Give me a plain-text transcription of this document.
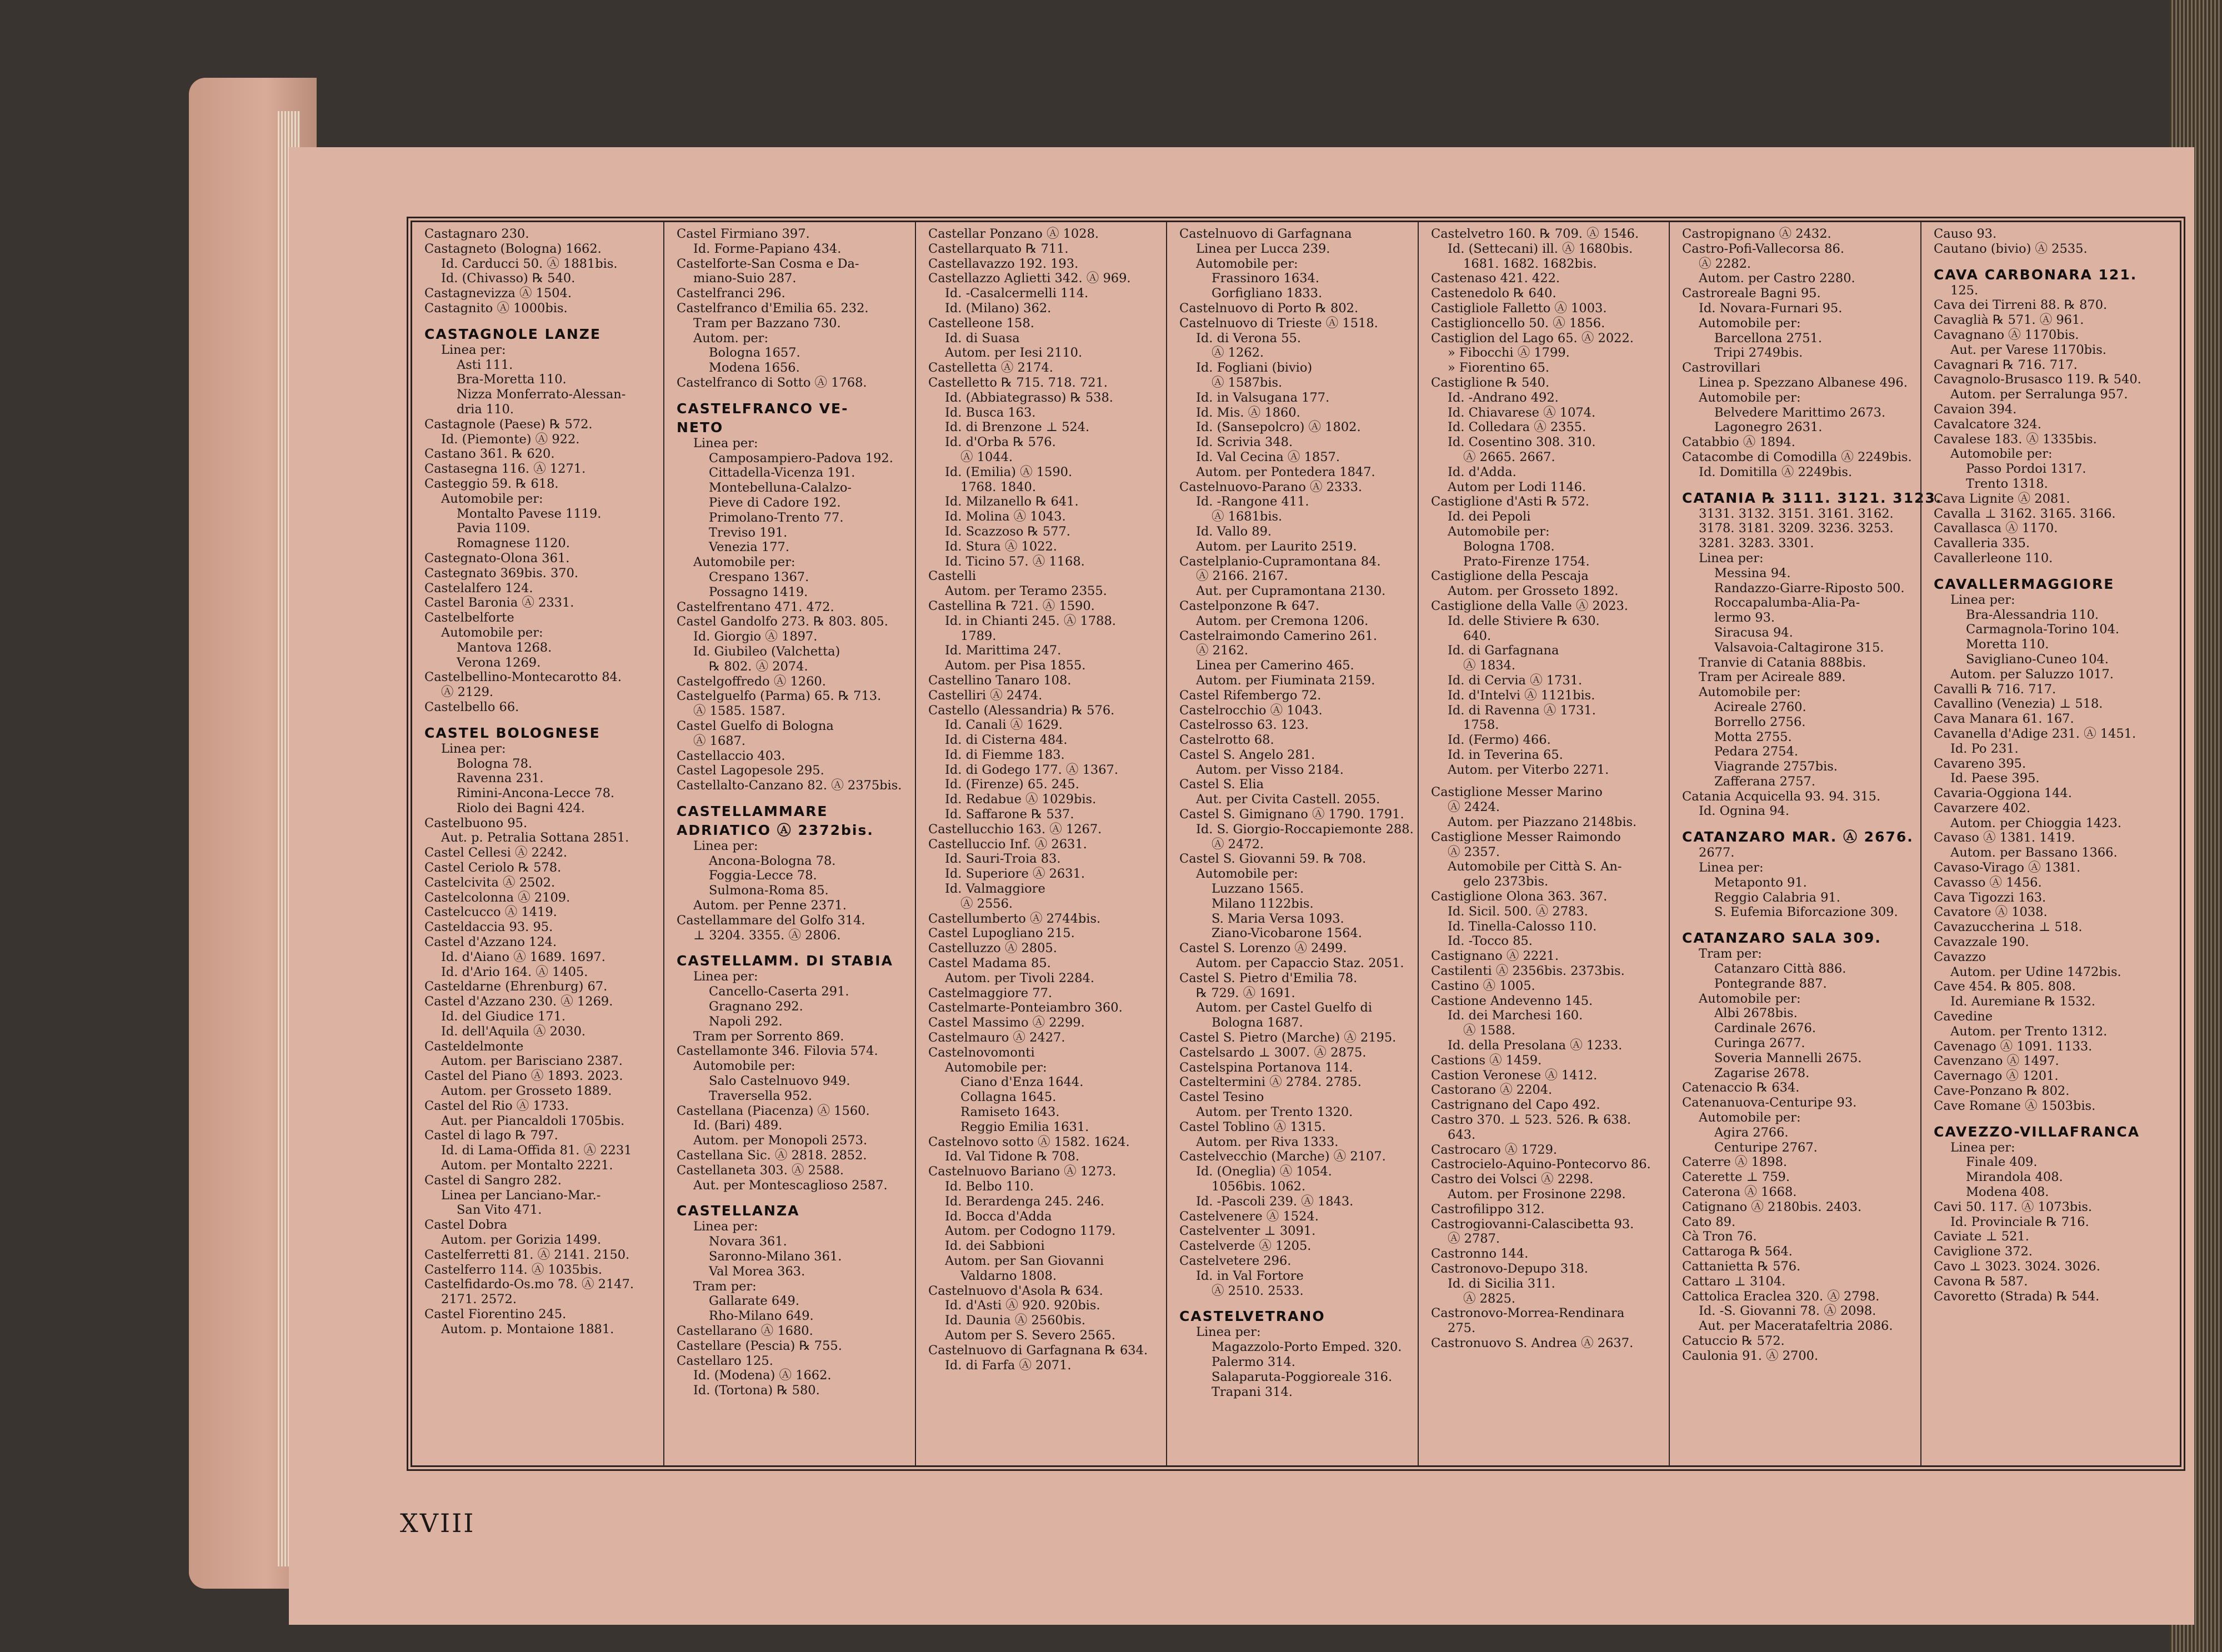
Castagnaro 230.
Castagneto (Bologna) 1662.
Id. Carducci 50. Ⓐ 1881bis.
Id. (Chivasso) ℞ 540.
Castagnevizza Ⓐ 1504.
Castagnito Ⓐ 1000bis.
CASTAGNOLE LANZE
Linea per:
Asti 111.
Bra-Moretta 110.
Nizza Monferrato-Alessan-
dria 110.
Castagnole (Paese) ℞ 572.
Id. (Piemonte) Ⓐ 922.
Castano 361. ℞ 620.
Castasegna 116. Ⓐ 1271.
Casteggio 59. ℞ 618.
Automobile per:
Montalto Pavese 1119.
Pavia 1109.
Romagnese 1120.
Castegnato-Olona 361.
Castegnato 369bis. 370.
Castelalfero 124.
Castel Baronia Ⓐ 2331.
Castelbelforte
Automobile per:
Mantova 1268.
Verona 1269.
Castelbellino-Montecarotto 84.
Ⓐ 2129.
Castelbello 66.
CASTEL BOLOGNESE
Linea per:
Bologna 78.
Ravenna 231.
Rimini-Ancona-Lecce 78.
Riolo dei Bagni 424.
Castelbuono 95.
Aut. p. Petralia Sottana 2851.
Castel Cellesi Ⓐ 2242.
Castel Ceriolo ℞ 578.
Castelcivita Ⓐ 2502.
Castelcolonna Ⓐ 2109.
Castelcucco Ⓐ 1419.
Casteldaccia 93. 95.
Castel d'Azzano 124.
Id. d'Aiano Ⓐ 1689. 1697.
Id. d'Ario 164. Ⓐ 1405.
Casteldarne (Ehrenburg) 67.
Castel d'Azzano 230. Ⓐ 1269.
Id. del Giudice 171.
Id. dell'Aquila Ⓐ 2030.
Casteldelmonte
Autom. per Barisciano 2387.
Castel del Piano Ⓐ 1893. 2023.
Autom. per Grosseto 1889.
Castel del Rio Ⓐ 1733.
Aut. per Piancaldoli 1705bis.
Castel di lago ℞ 797.
Id. di Lama-Offida 81. Ⓐ 2231
Autom. per Montalto 2221.
Castel di Sangro 282.
Linea per Lanciano-Mar.-
San Vito 471.
Castel Dobra
Autom. per Gorizia 1499.
Castelferretti 81. Ⓐ 2141. 2150.
Castelferro 114. Ⓐ 1035bis.
Castelfidardo-Os.mo 78. Ⓐ 2147.
2171. 2572.
Castel Fiorentino 245.
Autom. p. Montaione 1881.
Castel Firmiano 397.
Id. Forme-Papiano 434.
Castelforte-San Cosma e Da-
miano-Suio 287.
Castelfranci 296.
Castelfranco d'Emilia 65. 232.
Tram per Bazzano 730.
Autom. per:
Bologna 1657.
Modena 1656.
Castelfranco di Sotto Ⓐ 1768.
CASTELFRANCO VE-
NETO
Linea per:
Camposampiero-Padova 192.
Cittadella-Vicenza 191.
Montebelluna-Calalzo-
Pieve di Cadore 192.
Primolano-Trento 77.
Treviso 191.
Venezia 177.
Automobile per:
Crespano 1367.
Possagno 1419.
Castelfrentano 471. 472.
Castel Gandolfo 273. ℞ 803. 805.
Id. Giorgio Ⓐ 1897.
Id. Giubileo (Valchetta)
℞ 802. Ⓐ 2074.
Castelgoffredo Ⓐ 1260.
Castelguelfo (Parma) 65. ℞ 713.
Ⓐ 1585. 1587.
Castel Guelfo di Bologna
Ⓐ 1687.
Castellaccio 403.
Castel Lagopesole 295.
Castellalto-Canzano 82. Ⓐ 2375bis.
CASTELLAMMARE
ADRIATICO Ⓐ 2372bis.
Linea per:
Ancona-Bologna 78.
Foggia-Lecce 78.
Sulmona-Roma 85.
Autom. per Penne 2371.
Castellammare del Golfo 314.
⊥ 3204. 3355. Ⓐ 2806.
CASTELLAMM. DI STABIA
Linea per:
Cancello-Caserta 291.
Gragnano 292.
Napoli 292.
Tram per Sorrento 869.
Castellamonte 346. Filovia 574.
Automobile per:
Salo Castelnuovo 949.
Traversella 952.
Castellana (Piacenza) Ⓐ 1560.
Id. (Bari) 489.
Autom. per Monopoli 2573.
Castellana Sic. Ⓐ 2818. 2852.
Castellaneta 303. Ⓐ 2588.
Aut. per Montescaglioso 2587.
CASTELLANZA
Linea per:
Novara 361.
Saronno-Milano 361.
Val Morea 363.
Tram per:
Gallarate 649.
Rho-Milano 649.
Castellarano Ⓐ 1680.
Castellare (Pescia) ℞ 755.
Castellaro 125.
Id. (Modena) Ⓐ 1662.
Id. (Tortona) ℞ 580.
Castellar Ponzano Ⓐ 1028.
Castellarquato ℞ 711.
Castellavazzo 192. 193.
Castellazzo Aglietti 342. Ⓐ 969.
Id. -Casalcermelli 114.
Id. (Milano) 362.
Castelleone 158.
Id. di Suasa
Autom. per Iesi 2110.
Castelletta Ⓐ 2174.
Castelletto ℞ 715. 718. 721.
Id. (Abbiategrasso) ℞ 538.
Id. Busca 163.
Id. di Brenzone ⊥ 524.
Id. d'Orba ℞ 576.
Ⓐ 1044.
Id. (Emilia) Ⓐ 1590.
1768. 1840.
Id. Milzanello ℞ 641.
Id. Molina Ⓐ 1043.
Id. Scazzoso ℞ 577.
Id. Stura Ⓐ 1022.
Id. Ticino 57. Ⓐ 1168.
Castelli
Autom. per Teramo 2355.
Castellina ℞ 721. Ⓐ 1590.
Id. in Chianti 245. Ⓐ 1788.
1789.
Id. Marittima 247.
Autom. per Pisa 1855.
Castellino Tanaro 108.
Castelliri Ⓐ 2474.
Castello (Alessandria) ℞ 576.
Id. Canali Ⓐ 1629.
Id. di Cisterna 484.
Id. di Fiemme 183.
Id. di Godego 177. Ⓐ 1367.
Id. (Firenze) 65. 245.
Id. Redabue Ⓐ 1029bis.
Id. Saffarone ℞ 537.
Castellucchio 163. Ⓐ 1267.
Castelluccio Inf. Ⓐ 2631.
Id. Sauri-Troia 83.
Id. Superiore Ⓐ 2631.
Id. Valmaggiore
Ⓐ 2556.
Castellumberto Ⓐ 2744bis.
Castel Lupogliano 215.
Castelluzzo Ⓐ 2805.
Castel Madama 85.
Autom. per Tivoli 2284.
Castelmaggiore 77.
Castelmarte-Ponteiambro 360.
Castel Massimo Ⓐ 2299.
Castelmauro Ⓐ 2427.
Castelnovomonti
Automobile per:
Ciano d'Enza 1644.
Collagna 1645.
Ramiseto 1643.
Reggio Emilia 1631.
Castelnovo sotto Ⓐ 1582. 1624.
Id. Val Tidone ℞ 708.
Castelnuovo Bariano Ⓐ 1273.
Id. Belbo 110.
Id. Berardenga 245. 246.
Id. Bocca d'Adda
Autom. per Codogno 1179.
Id. dei Sabbioni
Autom. per San Giovanni
Valdarno 1808.
Castelnuovo d'Asola ℞ 634.
Id. d'Asti Ⓐ 920. 920bis.
Id. Daunia Ⓐ 2560bis.
Autom per S. Severo 2565.
Castelnuovo di Garfagnana ℞ 634.
Id. di Farfa Ⓐ 2071.
Castelnuovo di Garfagnana
Linea per Lucca 239.
Automobile per:
Frassinoro 1634.
Gorfigliano 1833.
Castelnuovo di Porto ℞ 802.
Castelnuovo di Trieste Ⓐ 1518.
Id. di Verona 55.
Ⓐ 1262.
Id. Fogliani (bivio)
Ⓐ 1587bis.
Id. in Valsugana 177.
Id. Mis. Ⓐ 1860.
Id. (Sansepolcro) Ⓐ 1802.
Id. Scrivia 348.
Id. Val Cecina Ⓐ 1857.
Autom. per Pontedera 1847.
Castelnuovo-Parano Ⓐ 2333.
Id. -Rangone 411.
Ⓐ 1681bis.
Id. Vallo 89.
Autom. per Laurito 2519.
Castelplanio-Cupramontana 84.
Ⓐ 2166. 2167.
Aut. per Cupramontana 2130.
Castelponzone ℞ 647.
Autom. per Cremona 1206.
Castelraimondo Camerino 261.
Ⓐ 2162.
Linea per Camerino 465.
Autom. per Fiuminata 2159.
Castel Rifembergo 72.
Castelrocchio Ⓐ 1043.
Castelrosso 63. 123.
Castelrotto 68.
Castel S. Angelo 281.
Autom. per Visso 2184.
Castel S. Elia
Aut. per Civita Castell. 2055.
Castel S. Gimignano Ⓐ 1790. 1791.
Id. S. Giorgio-Roccapiemonte 288.
Ⓐ 2472.
Castel S. Giovanni 59. ℞ 708.
Automobile per:
Luzzano 1565.
Milano 1122bis.
S. Maria Versa 1093.
Ziano-Vicobarone 1564.
Castel S. Lorenzo Ⓐ 2499.
Autom. per Capaccio Staz. 2051.
Castel S. Pietro d'Emilia 78.
℞ 729. Ⓐ 1691.
Autom. per Castel Guelfo di
Bologna 1687.
Castel S. Pietro (Marche) Ⓐ 2195.
Castelsardo ⊥ 3007. Ⓐ 2875.
Castelspina Portanova 114.
Casteltermini Ⓐ 2784. 2785.
Castel Tesino
Autom. per Trento 1320.
Castel Toblino Ⓐ 1315.
Autom. per Riva 1333.
Castelvecchio (Marche) Ⓐ 2107.
Id. (Oneglia) Ⓐ 1054.
1056bis. 1062.
Id. -Pascoli 239. Ⓐ 1843.
Castelvenere Ⓐ 1524.
Castelventer ⊥ 3091.
Castelverde Ⓐ 1205.
Castelvetere 296.
Id. in Val Fortore
Ⓐ 2510. 2533.
CASTELVETRANO
Linea per:
Magazzolo-Porto Emped. 320.
Palermo 314.
Salaparuta-Poggioreale 316.
Trapani 314.
Castelvetro 160. ℞ 709. Ⓐ 1546.
Id. (Settecani) ill. Ⓐ 1680bis.
1681. 1682. 1682bis.
Castenaso 421. 422.
Castenedolo ℞ 640.
Castigliole Falletto Ⓐ 1003.
Castiglioncello 50. Ⓐ 1856.
Castiglion del Lago 65. Ⓐ 2022.
» Fibocchi Ⓐ 1799.
» Fiorentino 65.
Castiglione ℞ 540.
Id. -Andrano 492.
Id. Chiavarese Ⓐ 1074.
Id. Colledara Ⓐ 2355.
Id. Cosentino 308. 310.
Ⓐ 2665. 2667.
Id. d'Adda.
Autom per Lodi 1146.
Castiglione d'Asti ℞ 572.
Id. dei Pepoli
Automobile per:
Bologna 1708.
Prato-Firenze 1754.
Castiglione della Pescaja
Autom. per Grosseto 1892.
Castiglione della Valle Ⓐ 2023.
Id. delle Stiviere ℞ 630.
640.
Id. di Garfagnana
Ⓐ 1834.
Id. di Cervia Ⓐ 1731.
Id. d'Intelvi Ⓐ 1121bis.
Id. di Ravenna Ⓐ 1731.
1758.
Id. (Fermo) 466.
Id. in Teverina 65.
Autom. per Viterbo 2271.
Castiglione Messer Marino
Ⓐ 2424.
Autom. per Piazzano 2148bis.
Castiglione Messer Raimondo
Ⓐ 2357.
Automobile per Città S. An-
gelo 2373bis.
Castiglione Olona 363. 367.
Id. Sicil. 500. Ⓐ 2783.
Id. Tinella-Calosso 110.
Id. -Tocco 85.
Castignano Ⓐ 2221.
Castilenti Ⓐ 2356bis. 2373bis.
Castino Ⓐ 1005.
Castione Andevenno 145.
Id. dei Marchesi 160.
Ⓐ 1588.
Id. della Presolana Ⓐ 1233.
Castions Ⓐ 1459.
Castion Veronese Ⓐ 1412.
Castorano Ⓐ 2204.
Castrignano del Capo 492.
Castro 370. ⊥ 523. 526. ℞ 638.
643.
Castrocaro Ⓐ 1729.
Castrocielo-Aquino-Pontecorvo 86.
Castro dei Volsci Ⓐ 2298.
Autom. per Frosinone 2298.
Castrofilippo 312.
Castrogiovanni-Calascibetta 93.
Ⓐ 2787.
Castronno 144.
Castronovo-Depupo 318.
Id. di Sicilia 311.
Ⓐ 2825.
Castronovo-Morrea-Rendinara
275.
Castronuovo S. Andrea Ⓐ 2637.
Castropignano Ⓐ 2432.
Castro-Pofi-Vallecorsa 86.
Ⓐ 2282.
Autom. per Castro 2280.
Castroreale Bagni 95.
Id. Novara-Furnari 95.
Automobile per:
Barcellona 2751.
Tripi 2749bis.
Castrovillari
Linea p. Spezzano Albanese 496.
Automobile per:
Belvedere Marittimo 2673.
Lagonegro 2631.
Catabbio Ⓐ 1894.
Catacombe di Comodilla Ⓐ 2249bis.
Id. Domitilla Ⓐ 2249bis.
CATANIA ℞ 3111. 3121. 3123.
3131. 3132. 3151. 3161. 3162.
3178. 3181. 3209. 3236. 3253.
3281. 3283. 3301.
Linea per:
Messina 94.
Randazzo-Giarre-Riposto 500.
Roccapalumba-Alia-Pa-
lermo 93.
Siracusa 94.
Valsavoia-Caltagirone 315.
Tranvie di Catania 888bis.
Tram per Acireale 889.
Automobile per:
Acireale 2760.
Borrello 2756.
Motta 2755.
Pedara 2754.
Viagrande 2757bis.
Zafferana 2757.
Catania Acquicella 93. 94. 315.
Id. Ognina 94.
CATANZARO MAR. Ⓐ 2676.
2677.
Linea per:
Metaponto 91.
Reggio Calabria 91.
S. Eufemia Biforcazione 309.
CATANZARO SALA 309.
Tram per:
Catanzaro Città 886.
Pontegrande 887.
Automobile per:
Albi 2678bis.
Cardinale 2676.
Curinga 2677.
Soveria Mannelli 2675.
Zagarise 2678.
Catenaccio ℞ 634.
Catenanuova-Centuripe 93.
Automobile per:
Agira 2766.
Centuripe 2767.
Caterre Ⓐ 1898.
Caterette ⊥ 759.
Caterona Ⓐ 1668.
Catignano Ⓐ 2180bis. 2403.
Cato 89.
Cà Tron 76.
Cattaroga ℞ 564.
Cattanietta ℞ 576.
Cattaro ⊥ 3104.
Cattolica Eraclea 320. Ⓐ 2798.
Id. -S. Giovanni 78. Ⓐ 2098.
Aut. per Maceratafeltria 2086.
Catuccio ℞ 572.
Caulonia 91. Ⓐ 2700.
Causo 93.
Cautano (bivio) Ⓐ 2535.
CAVA CARBONARA 121.
125.
Cava dei Tirreni 88. ℞ 870.
Cavaglià ℞ 571. Ⓐ 961.
Cavagnano Ⓐ 1170bis.
Aut. per Varese 1170bis.
Cavagnari ℞ 716. 717.
Cavagnolo-Brusasco 119. ℞ 540.
Autom. per Serralunga 957.
Cavaion 394.
Cavalcatore 324.
Cavalese 183. Ⓐ 1335bis.
Automobile per:
Passo Pordoi 1317.
Trento 1318.
Cava Lignite Ⓐ 2081.
Cavalla ⊥ 3162. 3165. 3166.
Cavallasca Ⓐ 1170.
Cavalleria 335.
Cavallerleone 110.
CAVALLERMAGGIORE
Linea per:
Bra-Alessandria 110.
Carmagnola-Torino 104.
Moretta 110.
Savigliano-Cuneo 104.
Autom. per Saluzzo 1017.
Cavalli ℞ 716. 717.
Cavallino (Venezia) ⊥ 518.
Cava Manara 61. 167.
Cavanella d'Adige 231. Ⓐ 1451.
Id. Po 231.
Cavareno 395.
Id. Paese 395.
Cavaria-Oggiona 144.
Cavarzere 402.
Autom. per Chioggia 1423.
Cavaso Ⓐ 1381. 1419.
Autom. per Bassano 1366.
Cavaso-Virago Ⓐ 1381.
Cavasso Ⓐ 1456.
Cava Tigozzi 163.
Cavatore Ⓐ 1038.
Cavazuccherina ⊥ 518.
Cavazzale 190.
Cavazzo
Autom. per Udine 1472bis.
Cave 454. ℞ 805. 808.
Id. Auremiane ℞ 1532.
Cavedine
Autom. per Trento 1312.
Cavenago Ⓐ 1091. 1133.
Cavenzano Ⓐ 1497.
Cavernago Ⓐ 1201.
Cave-Ponzano ℞ 802.
Cave Romane Ⓐ 1503bis.
CAVEZZO-VILLAFRANCA
Linea per:
Finale 409.
Mirandola 408.
Modena 408.
Cavi 50. 117. Ⓐ 1073bis.
Id. Provinciale ℞ 716.
Caviate ⊥ 521.
Caviglione 372.
Cavo ⊥ 3023. 3024. 3026.
Cavona ℞ 587.
Cavoretto (Strada) ℞ 544.
XVIII
